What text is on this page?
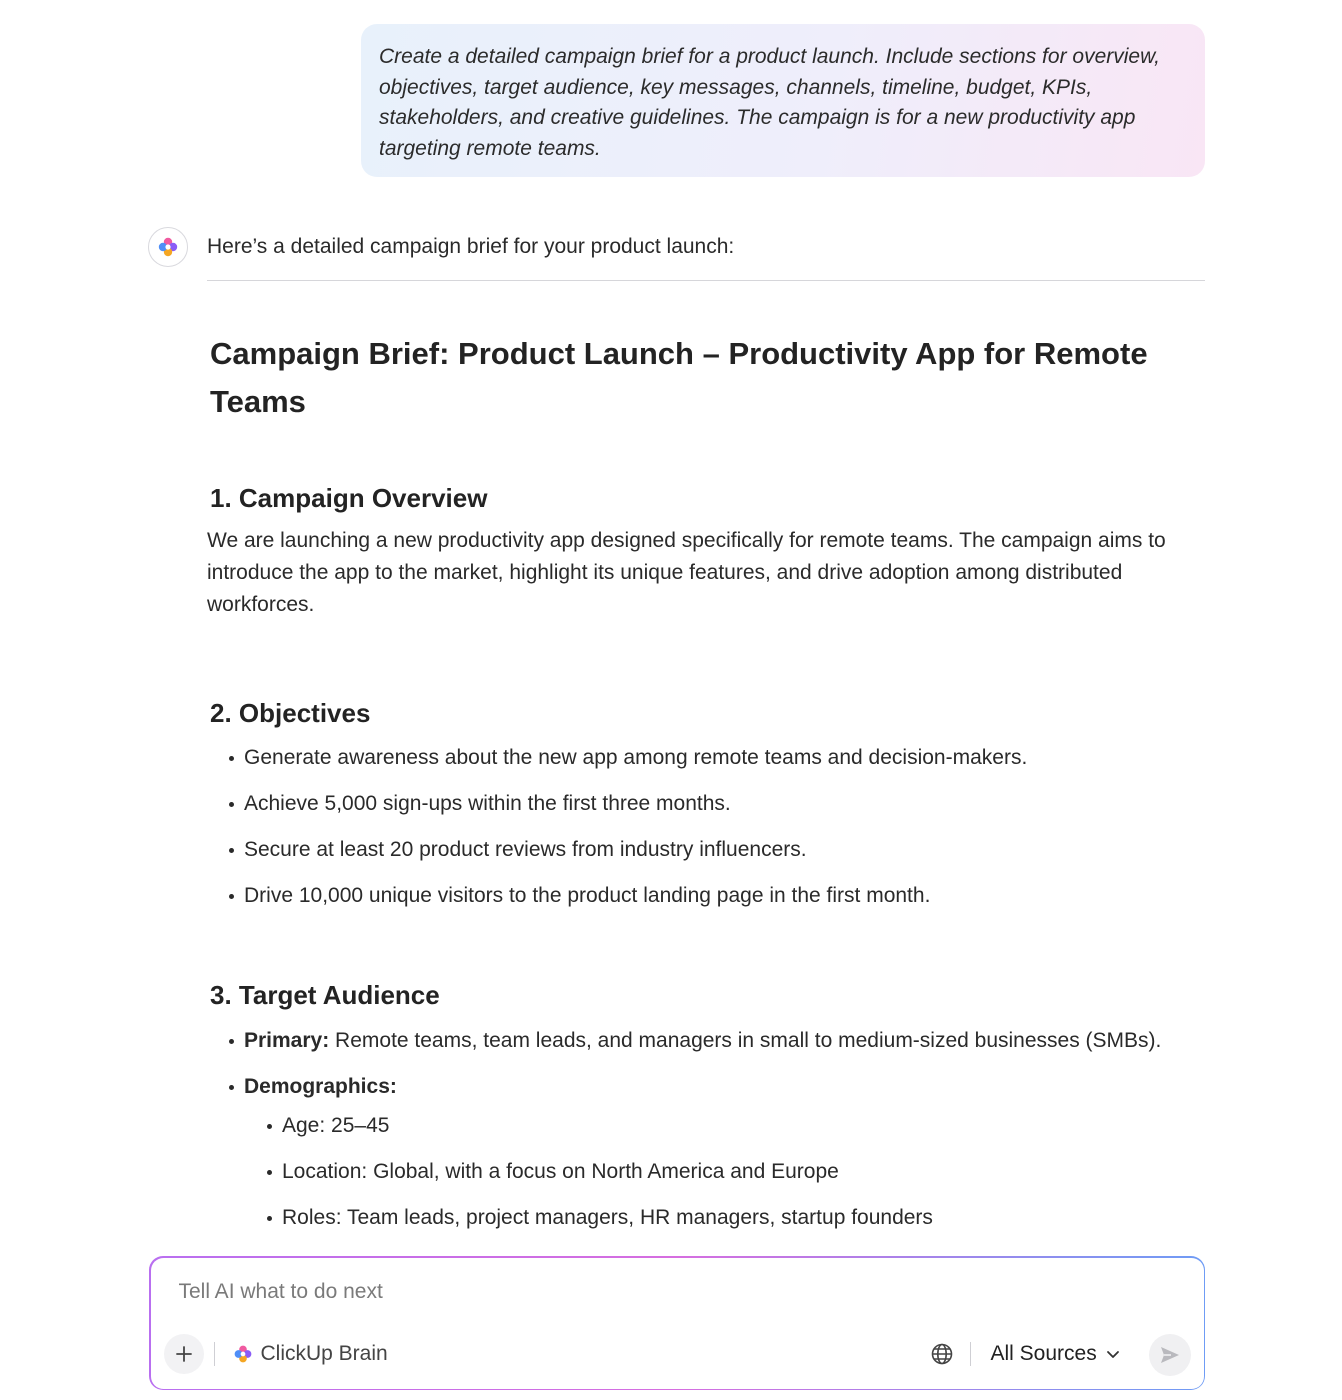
Create a detailed campaign brief for a product launch. Include sections for overview, objectives, target audience, key messages, channels, timeline, budget, KPIs, stakeholders, and creative guidelines. The campaign is for a new productivity app targeting remote teams.
Here’s a detailed campaign brief for your product launch:
Campaign Brief: Product Launch – Productivity App for Remote Teams
1. Campaign Overview

We are launching a new productivity app designed specifically for remote teams. The campaign aims to introduce the app to the market, highlight its unique features, and drive adoption among distributed workforces.

2. Objectives
Generate awareness about the new app among remote teams and decision-makers.
Achieve 5,000 sign-ups within the first three months.
Secure at least 20 product reviews from industry influencers.
Drive 10,000 unique visitors to the product landing page in the first month.
3. Target Audience
Primary: Remote teams, team leads, and managers in small to medium-sized businesses (SMBs).
Demographics:
Age: 25–45
Location: Global, with a focus on North America and Europe
Roles: Team leads, project managers, HR managers, startup founders
Tell AI what to do next
ClickUp Brain	All Sources
